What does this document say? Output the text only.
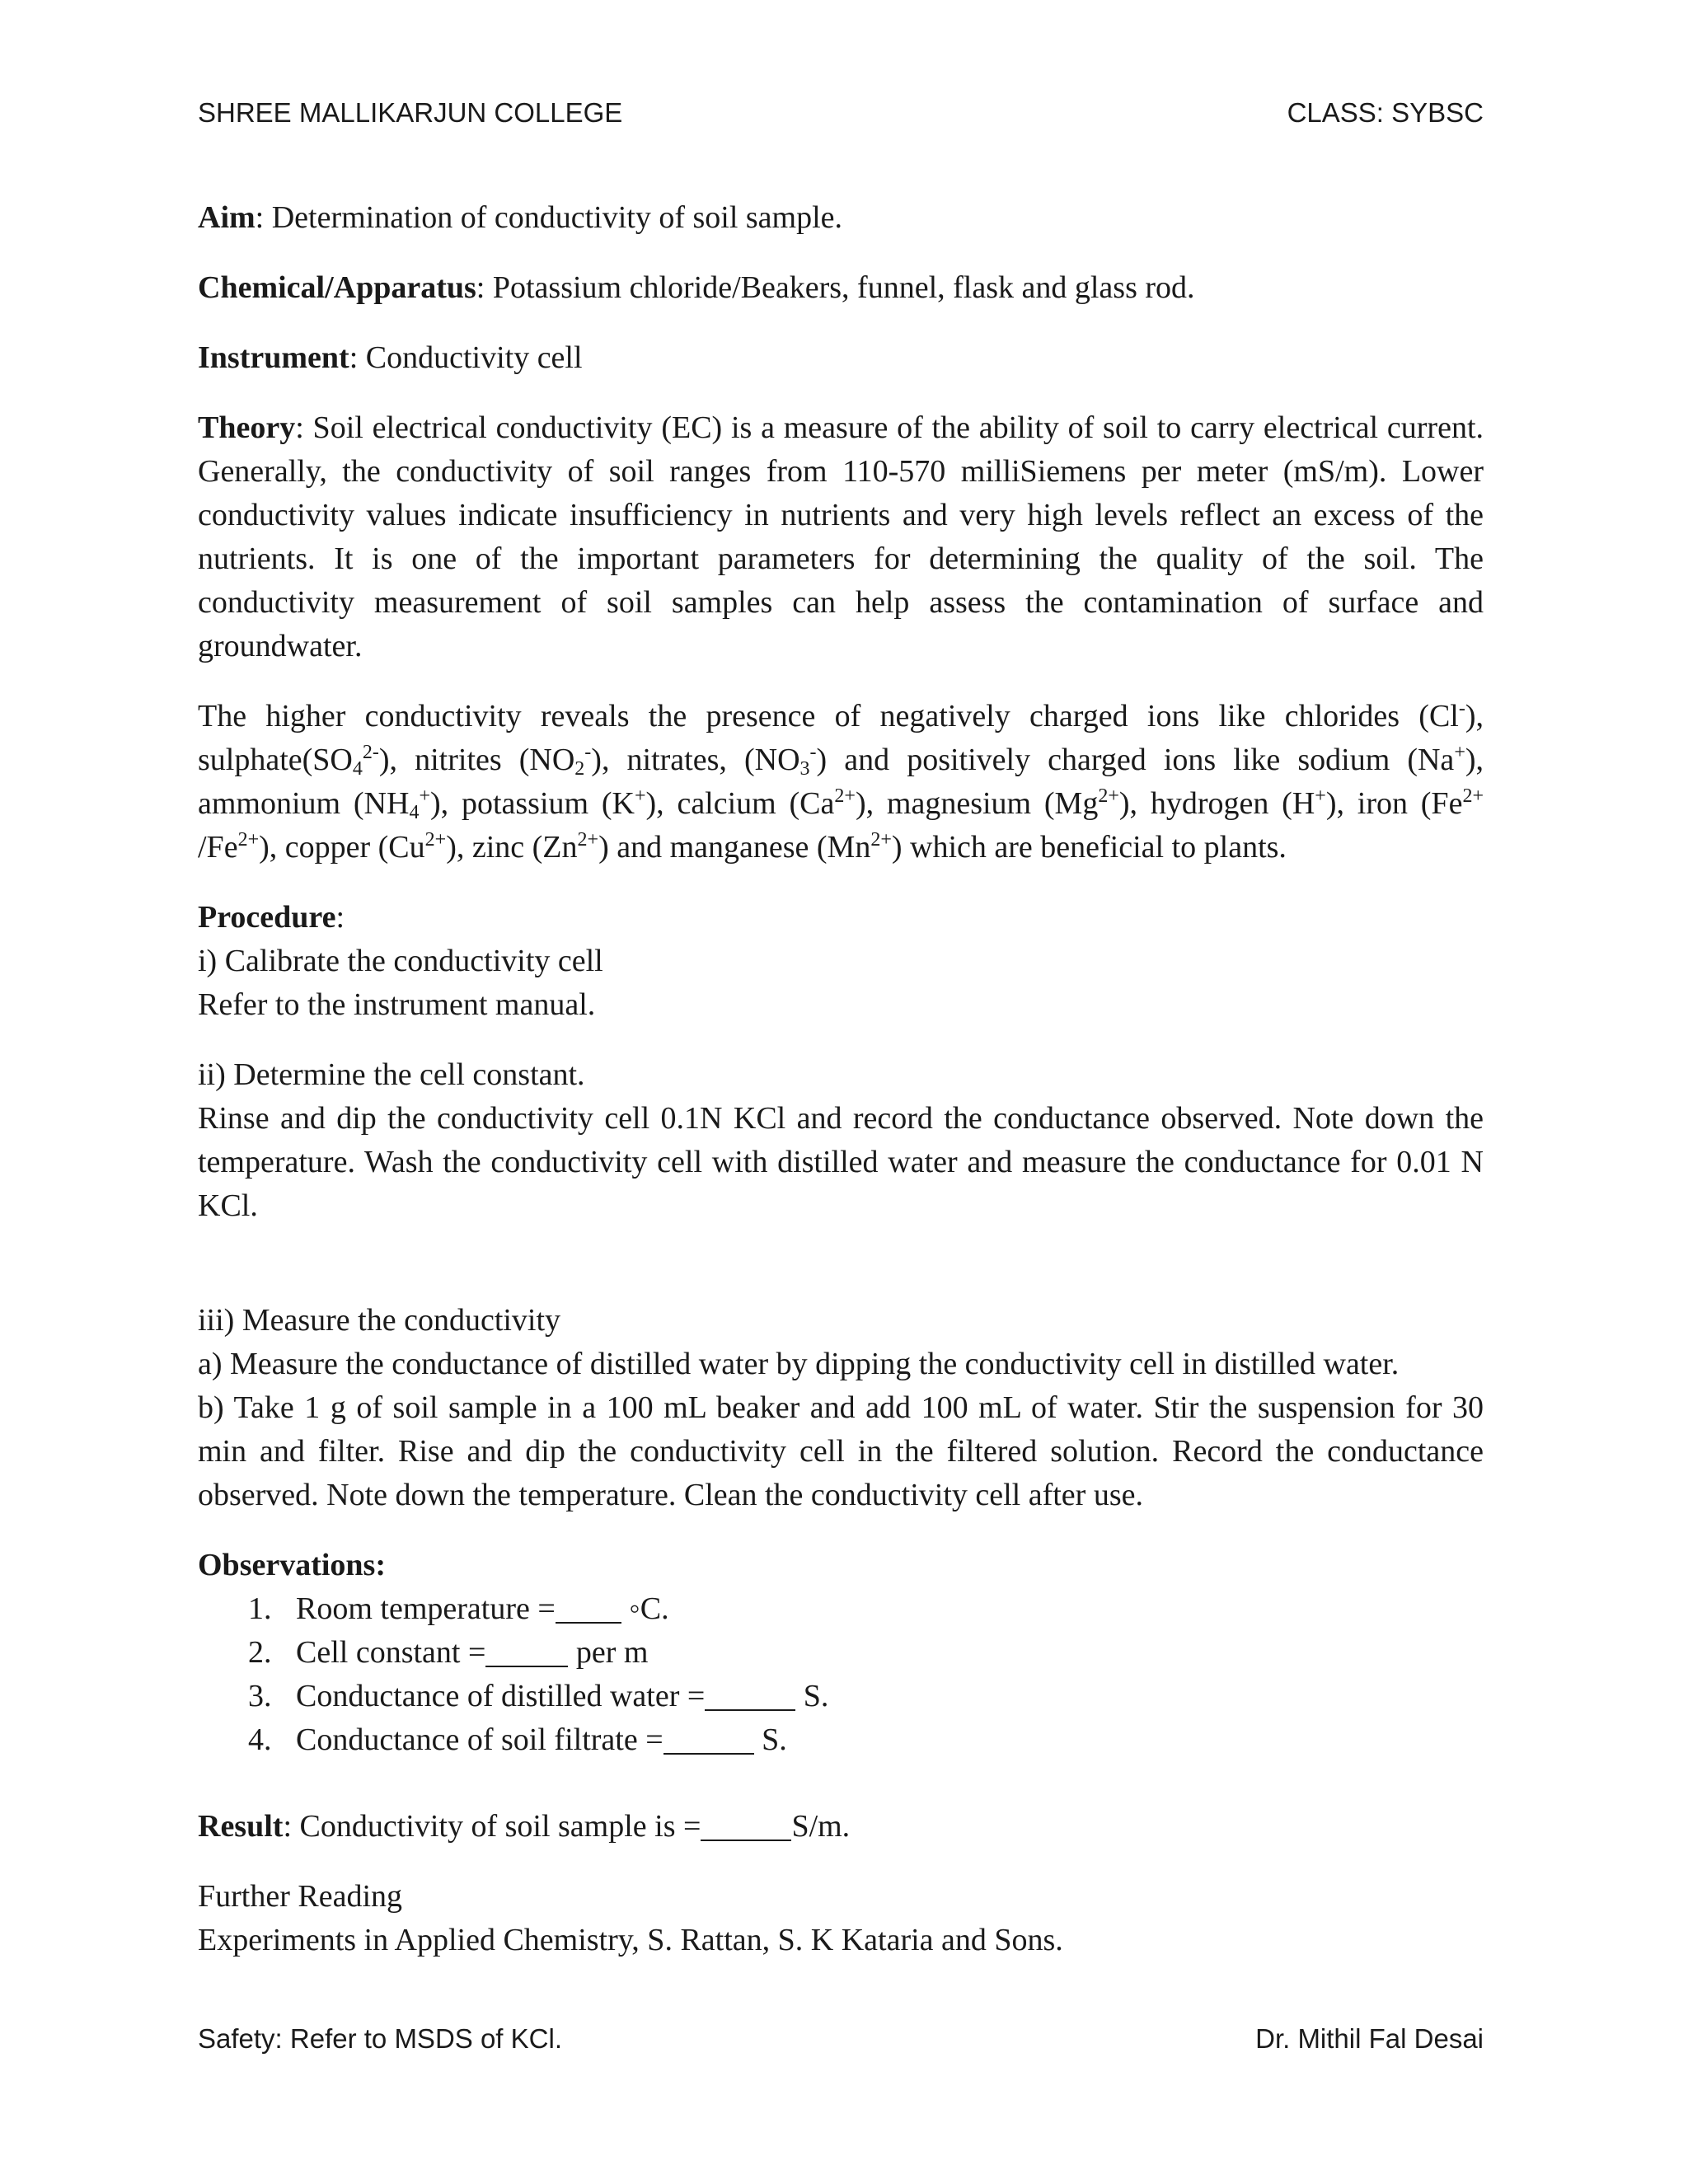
SHREE MALLIKARJUN COLLEGE	CLASS: SYBSC

Aim: Determination of conductivity of soil sample.

Chemical/Apparatus: Potassium chloride/Beakers, funnel, flask and glass rod.

Instrument: Conductivity cell

Theory: Soil electrical conductivity (EC) is a measure of the ability of soil to carry electrical current. Generally, the conductivity of soil ranges from 110-570 milliSiemens per meter (mS/m). Lower conductivity values indicate insufficiency in nutrients and very high levels reflect an excess of the nutrients. It is one of the important parameters for determining the quality of the soil. The conductivity measurement of soil samples can help assess the contamination of surface and groundwater.

The higher conductivity reveals the presence of negatively charged ions like chlorides (Cl-), $sulphate(SO_4^{2-})$, nitrites $(NO_2^-)$, nitrates, $(NO_3^-)$ and positively charged ions like sodium (Na+), ammonium $(NH_4^+)$, potassium (K+), calcium $(Ca^{2+})$, magnesium $(Mg^{2+})$, hydrogen (H+), iron ($Fe^{2+}$ $/Fe^{2+}$), copper $(Cu^{2+})$, zinc $(Zn^{2+})$ and manganese $(Mn^{2+})$ which are beneficial to plants.

Procedure:

i) Calibrate the conductivity cell

Refer to the instrument manual.

ii) Determine the cell constant.

Rinse and dip the conductivity cell 0.1N KCl and record the conductance observed. Note down the temperature. Wash the conductivity cell with distilled water and measure the conductance for 0.01 N KCl.

iii) Measure the conductivity

a) Measure the conductance of distilled water by dipping the conductivity cell in distilled water.

b) Take 1 g of soil sample in a 100 mL beaker and add 100 mL of water. Stir the suspension for 30 min and filter. Rise and dip the conductivity cell in the filtered solution. Record the conductance observed. Note down the temperature. Clean the conductivity cell after use.

Observations:

1. Room temperature = ◦C.
2. Cell constant =	per m
3. Conductance of distilled water =	S.
4. Conductance of soil filtrate =	S.

Result: Conductivity of soil sample is =	S/m.

Further Reading

Experiments in Applied Chemistry, S. Rattan, S. K Kataria and Sons.

Safety: Refer to MSDS of KCl.	Dr. Mithil Fal Desai
